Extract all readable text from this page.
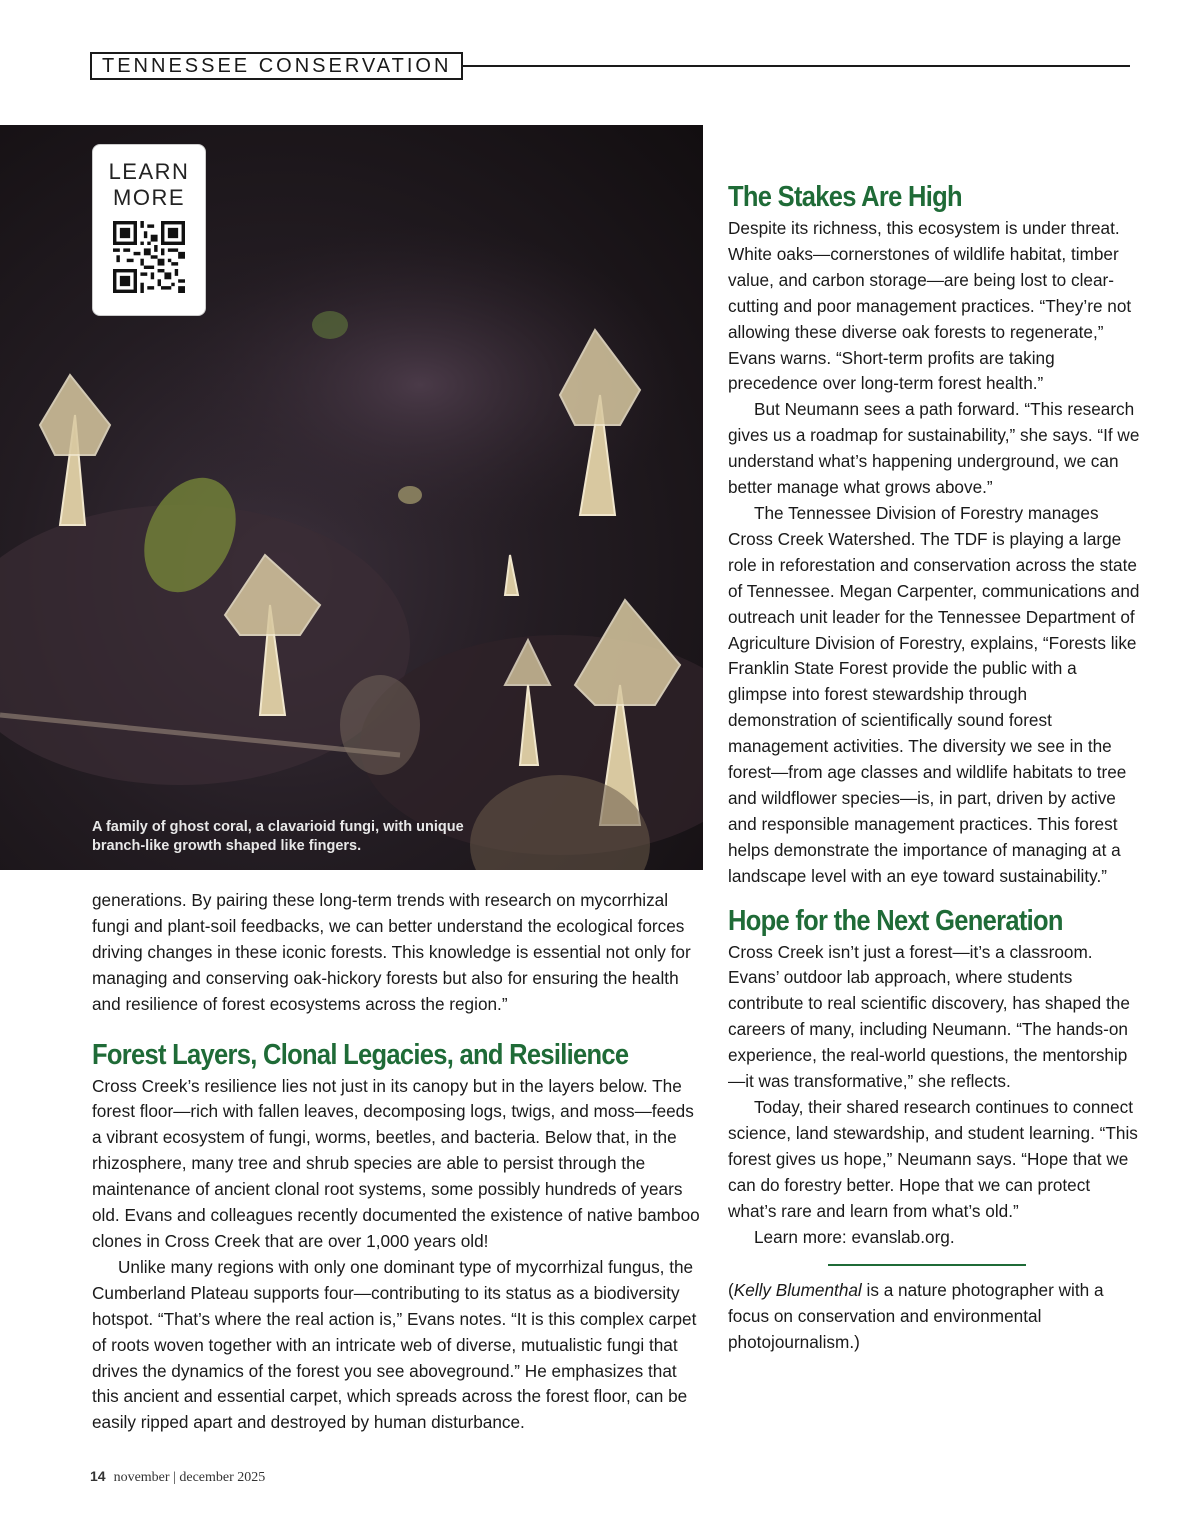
TENNESSEE CONSERVATION
LEARN
MORE
A family of ghost coral, a clavarioid fungi, with unique branch-like growth shaped like fingers.

generations. By pairing these long-term trends with research on mycorrhizal fungi and plant-soil feedbacks, we can better understand the ecological forces driving changes in these iconic forests. This knowledge is essential not only for managing and conserving oak-hickory forests but also for ensuring the health and resilience of forest ecosystems across the region.”

Forest Layers, Clonal Legacies, and Resilience

Cross Creek’s resilience lies not just in its canopy but in the layers below. The forest floor—rich with fallen leaves, decomposing logs, twigs, and moss—feeds a vibrant ecosystem of fungi, worms, beetles, and bacteria. Below that, in the rhizosphere, many tree and shrub species are able to persist through the maintenance of ancient clonal root systems, some possibly hundreds of years old. Evans and colleagues recently documented the existence of native bamboo clones in Cross Creek that are over 1,000 years old!

Unlike many regions with only one dominant type of mycorrhizal fungus, the Cumberland Plateau supports four—contributing to its status as a biodiversity hotspot. “That’s where the real action is,” Evans notes. “It is this complex carpet of roots woven together with an intricate web of diverse, mutualistic fungi that drives the dynamics of the forest you see aboveground.” He emphasizes that this ancient and essential carpet, which spreads across the forest floor, can be easily ripped apart and destroyed by human disturbance.

The Stakes Are High

Despite its richness, this ecosystem is under threat. White oaks—cornerstones of wildlife habitat, timber value, and carbon storage—are being lost to clear-cutting and poor management practices. “They’re not allowing these diverse oak forests to regenerate,” Evans warns. “Short-term profits are taking precedence over long-term forest health.”

But Neumann sees a path forward. “This research gives us a roadmap for sustainability,” she says. “If we understand what’s happening underground, we can better manage what grows above.”

The Tennessee Division of Forestry manages Cross Creek Watershed. The TDF is playing a large role in reforestation and conservation across the state of Tennessee. Megan Carpenter, communications and outreach unit leader for the Tennessee Department of Agriculture Division of Forestry, explains, “Forests like Franklin State Forest provide the public with a glimpse into forest stewardship through demonstration of scientifically sound forest management activities. The diversity we see in the forest—from age classes and wildlife habitats to tree and wildflower species—is, in part, driven by active and responsible management practices. This forest helps demonstrate the importance of managing at a landscape level with an eye toward sustainability.”

Hope for the Next Generation

Cross Creek isn’t just a forest—it’s a classroom. Evans’ outdoor lab approach, where students contribute to real scientific discovery, has shaped the careers of many, including Neumann. “The hands-on experience, the real-world questions, the mentorship—it was transformative,” she reflects.

Today, their shared research continues to connect science, land stewardship, and student learning. “This forest gives us hope,” Neumann says. “Hope that we can do forestry better. Hope that we can protect what’s rare and learn from what’s old.”

Learn more: evanslab.org.

(Kelly Blumenthal is a nature photographer with a focus on conservation and environmental photojournalism.)

14 november | december 2025
